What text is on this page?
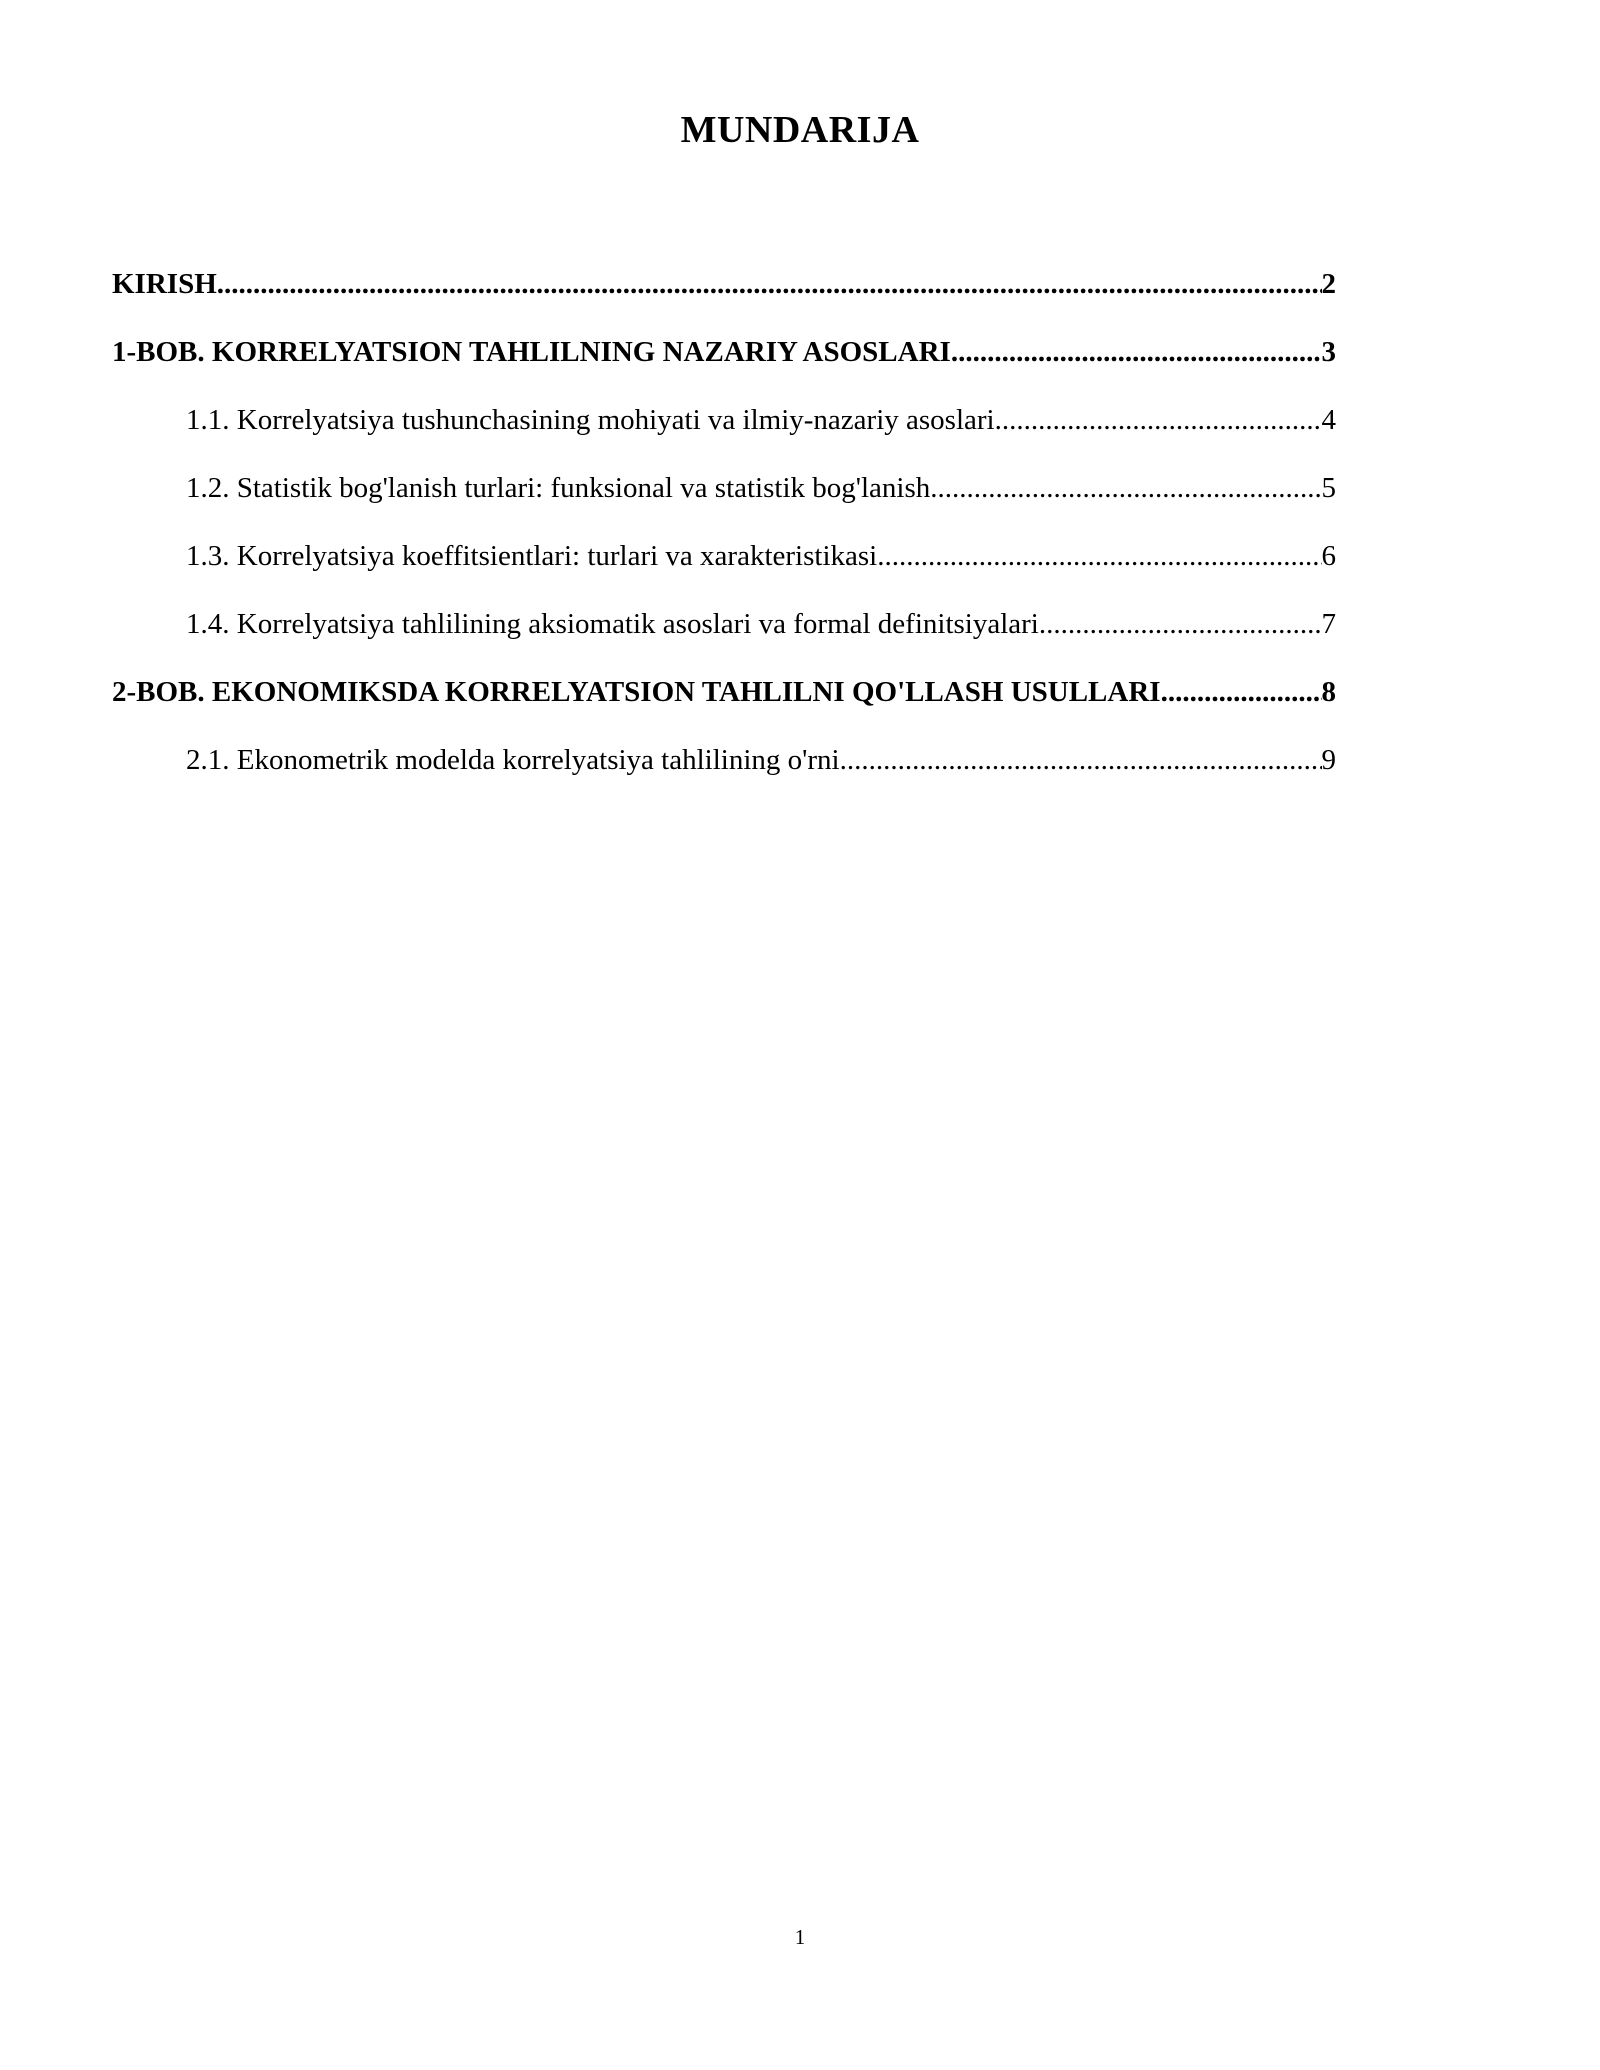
MUNDARIJA
KIRISH .....	2
1-BOB. KORRELYATSION TAHLILNING NAZARIY ASOSLARI .....	3
1.1. Korrelyatsiya tushunchasining mohiyati va ilmiy-nazariy asoslari .....	4
1.2. Statistik bog'lanish turlari: funksional va statistik bog'lanish .....	5
1.3. Korrelyatsiya koeffitsientlari: turlari va xarakteristikasi .....	6
1.4. Korrelyatsiya tahlilining aksiomatik asoslari va formal definitsiyalari .....	7
2-BOB. EKONOMIKSDA KORRELYATSION TAHLILNI QO'LLASH USULLARI .....	8
2.1. Ekonometrik modelda korrelyatsiya tahlilining o'rni .....	9
1
